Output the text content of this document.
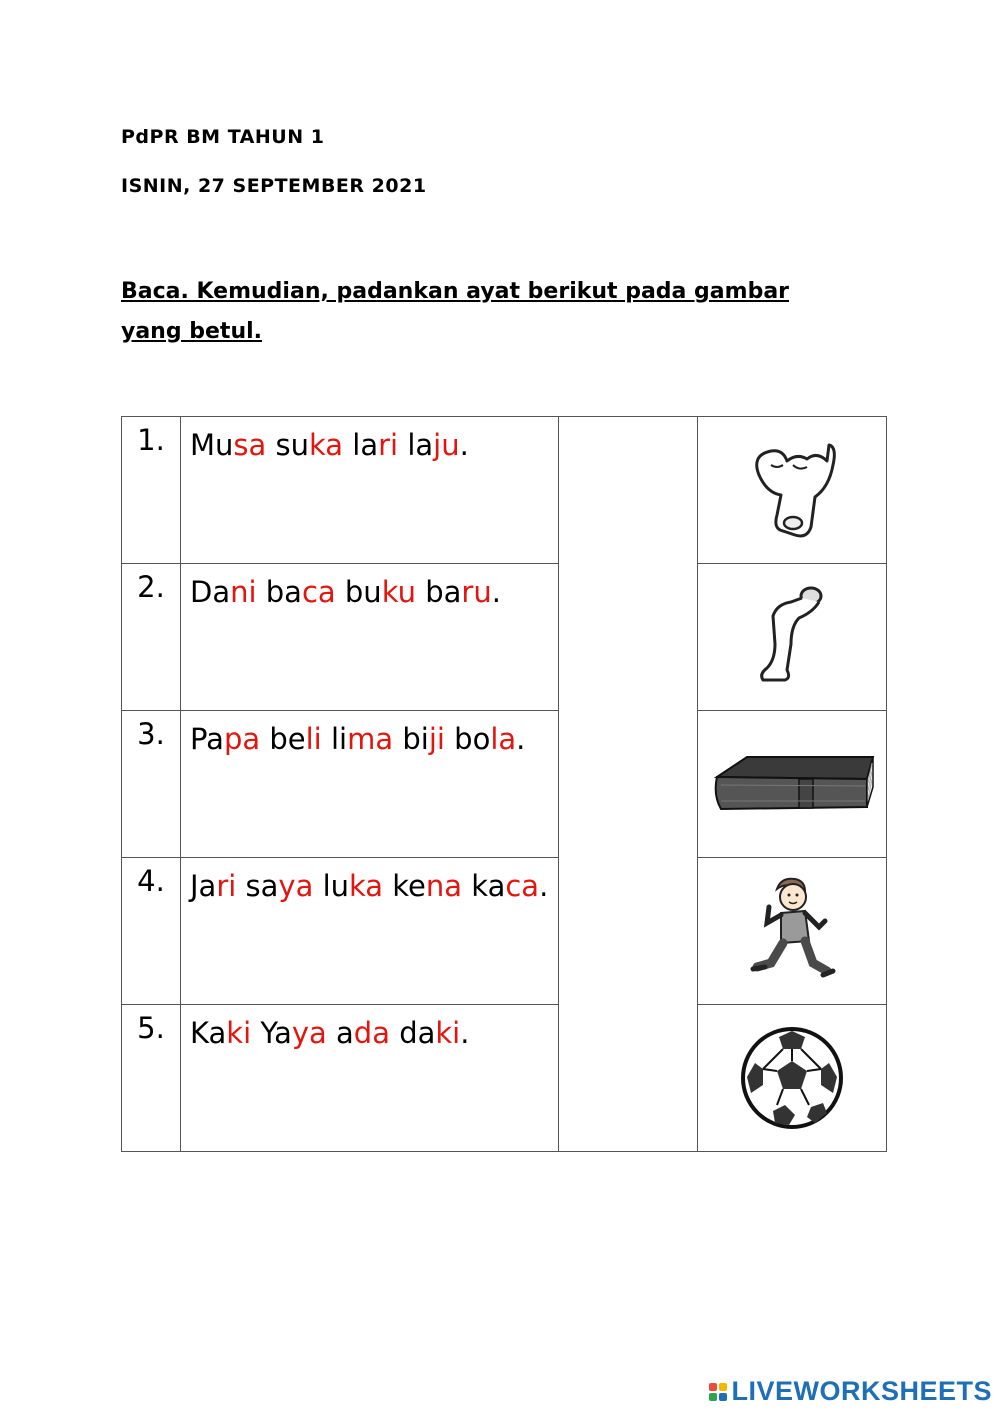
PdPR BM TAHUN 1
ISNIN, 27 SEPTEMBER 2021
Baca. Kemudian, padankan ayat berikut pada gambar yang betul.
1.	Musa suka lari laju.		

2.	Dani baca buku baru.	

3.	Papa beli lima biji bola.	

4.	Jari saya luka kena kaca.	

5.	Kaki Yaya ada daki.	
LIVEWORKSHEETS
